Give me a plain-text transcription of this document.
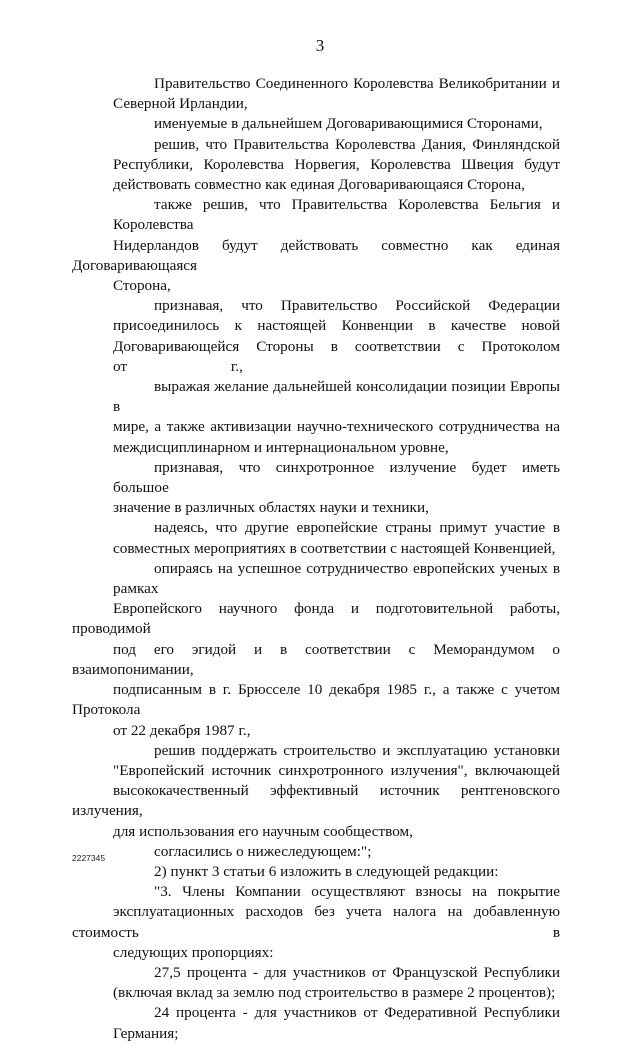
3

Правительство Соединенного Королевства Великобритании и
Северной Ирландии,

именуемые в дальнейшем Договаривающимися Сторонами,

решив, что Правительства Королевства Дания, Финляндской
Республики, Королевства Норвегия, Королевства Швеция будут
действовать совместно как единая Договаривающаяся Сторона,

также решив, что Правительства Королевства Бельгия и Королевства
Нидерландов будут действовать совместно как единая Договаривающаяся
Сторона,

признавая, что Правительство Российской Федерации
присоединилось к настоящей Конвенции в качестве новой
Договаривающейся Стороны в соответствии с Протоколом
от г.,

выражая желание дальнейшей консолидации позиции Европы в
мире, а также активизации научно-технического сотрудничества на
междисциплинарном и интернациональном уровне,

признавая, что синхротронное излучение будет иметь большое
значение в различных областях науки и техники,

надеясь, что другие европейские страны примут участие в
совместных мероприятиях в соответствии с настоящей Конвенцией,

опираясь на успешное сотрудничество европейских ученых в рамках
Европейского научного фонда и подготовительной работы, проводимой
под его эгидой и в соответствии с Меморандумом о взаимопонимании,
подписанным в г. Брюсселе 10 декабря 1985 г., а также с учетом Протокола
от 22 декабря 1987 г.,

решив поддержать строительство и эксплуатацию установки
"Европейский источник синхротронного излучения", включающей
высококачественный эффективный источник рентгеновского излучения,
для использования его научным сообществом,

согласились о нижеследующем:";

2) пункт 3 статьи 6 изложить в следующей редакции:

"3. Члены Компании осуществляют взносы на покрытие
эксплуатационных расходов без учета налога на добавленную стоимость в
следующих пропорциях:

27,5 процента - для участников от Французской Республики
(включая вклад за землю под строительство в размере 2 процентов);

24 процента - для участников от Федеративной Республики
Германия;

2227345
